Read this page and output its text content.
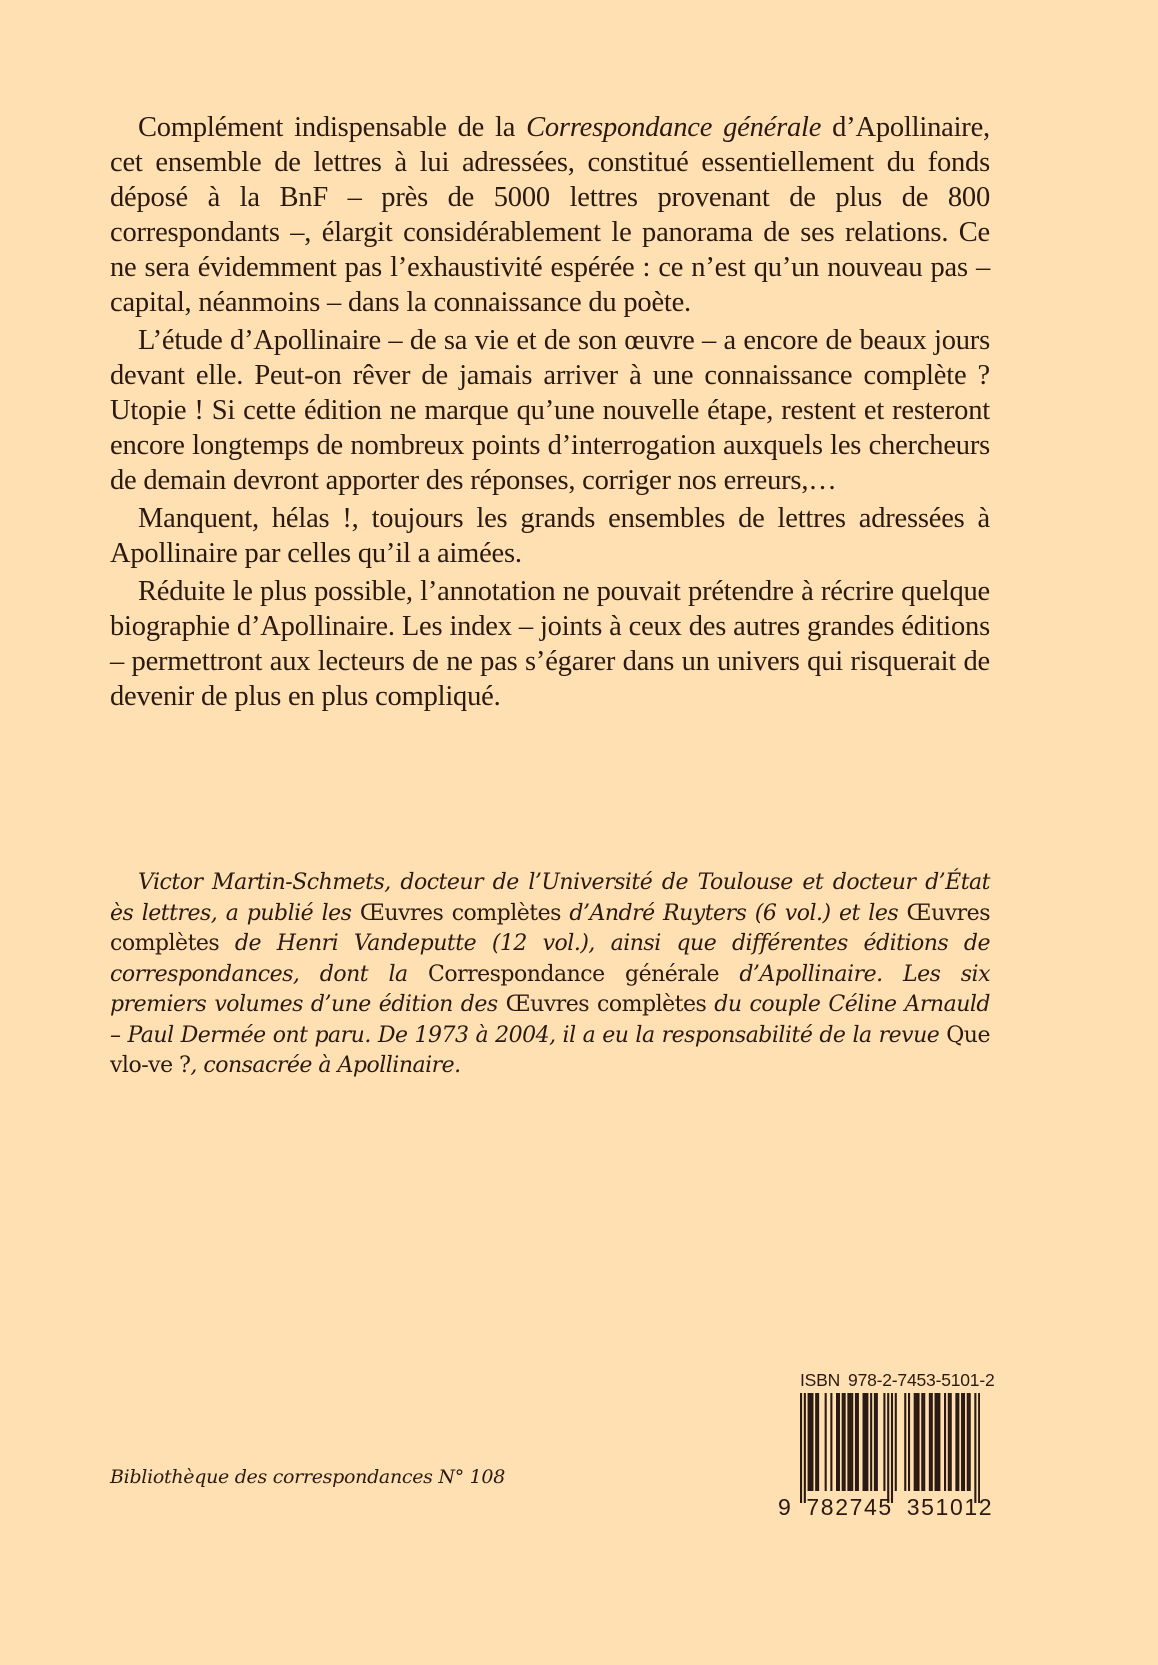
Complément indispensable de la Correspondance générale d’Apollinaire, cet ensemble de lettres à lui adressées, constitué essentiellement du fonds déposé à la BnF – près de 5000 lettres provenant de plus de 800 correspondants –, élargit considérablement le panorama de ses relations. Ce ne sera évidemment pas l’exhaustivité espérée : ce n’est qu’un nouveau pas – capital, néanmoins – dans la connaissance du poète.

L’étude d’Apollinaire – de sa vie et de son œuvre – a encore de beaux jours devant elle. Peut-on rêver de jamais arriver à une connaissance complète ? Utopie ! Si cette édition ne marque qu’une nouvelle étape, restent et resteront encore longtemps de nombreux points d’interrogation auxquels les chercheurs de demain devront apporter des réponses, corriger nos erreurs,…

Manquent, hélas !, toujours les grands ensembles de lettres adressées à Apollinaire par celles qu’il a aimées.

Réduite le plus possible, l’annotation ne pouvait prétendre à récrire quelque biographie d’Apollinaire. Les index – joints à ceux des autres grandes éditions – permettront aux lecteurs de ne pas s’égarer dans un univers qui risquerait de devenir de plus en plus compliqué.

Victor Martin-Schmets, docteur de l’Université de Toulouse et docteur d’État ès lettres, a publié les Œuvres complètes d’André Ruyters (6 vol.) et les Œuvres complètes de Henri Vandeputte (12 vol.), ainsi que différentes éditions de correspondances, dont la Correspondance générale d’Apollinaire. Les six premiers volumes d’une édition des Œuvres complètes du couple Céline Arnauld – Paul Dermée ont paru. De 1973 à 2004, il a eu la responsabilité de la revue Que vlo-ve ?, consacrée à Apollinaire.

Bibliothèque des correspondances N° 108
ISBN 978-2-7453-5101-2
9 782745 351012
